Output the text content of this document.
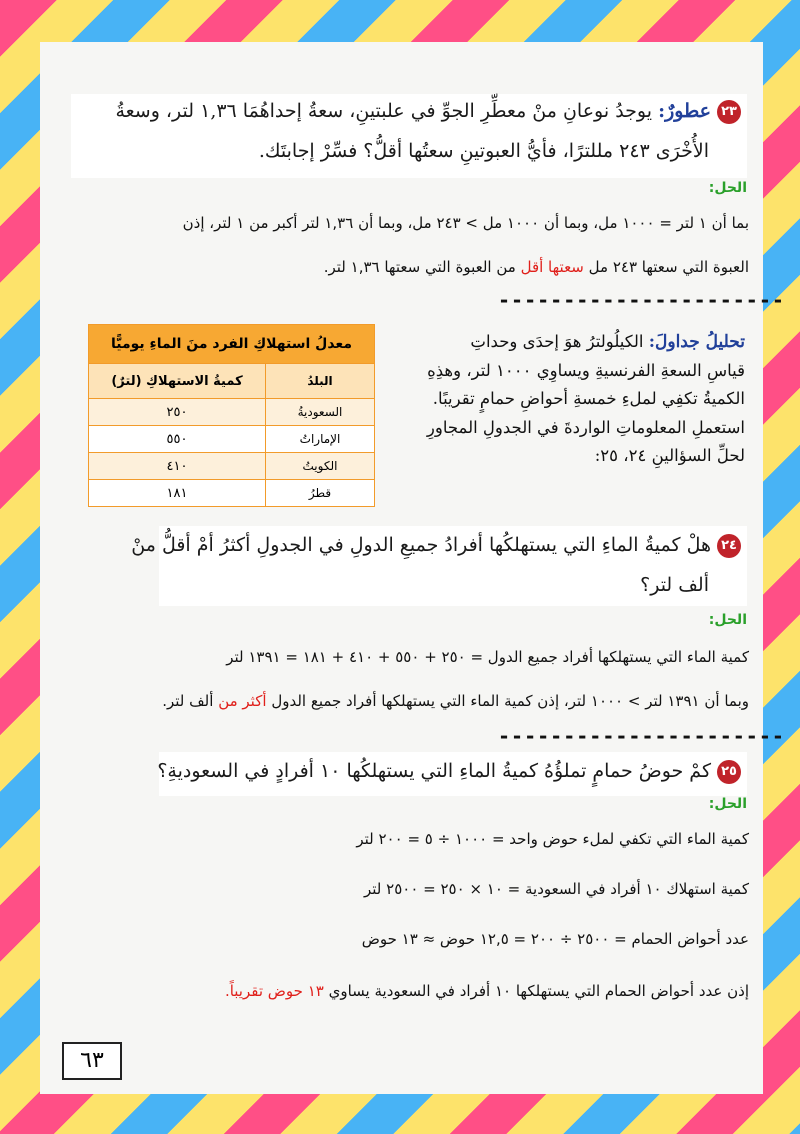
٢٣عطورٌ: يوجدُ نوعانِ منْ معطِّرِ الجوِّ في علبتينِ، سعةُ إحداهُمَا ١,٣٦ لتر، وسعةُ
الأُخْرَى ٢٤٣ مللترًا، فأيُّ العبوتينِ سعتُها أقلُّ؟ فسِّرْ إجابتَك.
الحل:
بما أن ١ لتر = ١٠٠٠ مل، وبما أن ١٠٠٠ مل > ٢٤٣ مل، وبما أن ١,٣٦ لتر أكبر من ١ لتر، إذن
العبوة التي سعتها ٢٤٣ مل سعتها أقل من العبوة التي سعتها ١,٣٦ لتر.
----------------------
معدلُ استهلاكِ الفرد منَ الماءِ يوميًّا	
البلدُ	كميةُ الاستهلاكِ (لترٌ)
السعوديةُ	٢٥٠
الإماراتُ	٥٥٠
الكويتُ	٤١٠
قطرُ	١٨١
تحليلُ جداولَ: الكيلُولترُ هوَ إحدَى وحداتِ
قياسِ السعةِ الفرنسيةِ ويساوِي ١٠٠٠ لتر، وهذِهِ
الكميةُ تكفِي لملءِ خمسةِ أحواضِ حمامٍ تقريبًا.
استعملِ المعلوماتِ الواردةَ في الجدولِ المجاورِ
لحلِّ السؤالينِ ٢٤، ٢٥:
٢٤هلْ كميةُ الماءِ التي يستهلكُها أفرادُ جميعِ الدولِ في الجدولِ أكثرُ أمْ أقلُّ منْ
ألف لتر؟
الحل:
كمية الماء التي يستهلكها أفراد جميع الدول = ٢٥٠ + ٥٥٠ + ٤١٠ + ١٨١ = ١٣٩١ لتر
وبما أن ١٣٩١ لتر > ١٠٠٠ لتر، إذن كمية الماء التي يستهلكها أفراد جميع الدول أكثر من ألف لتر.
----------------------
٢٥كمْ حوضُ حمامٍ تملؤُهُ كميةُ الماءِ التي يستهلكُها ١٠ أفرادٍ في السعوديةِ؟
الحل:
كمية الماء التي تكفي لملء حوض واحد = ١٠٠٠ ÷ ٥ = ٢٠٠ لتر
كمية استهلاك ١٠ أفراد في السعودية = ١٠ × ٢٥٠ = ٢٥٠٠ لتر
عدد أحواض الحمام = ٢٥٠٠ ÷ ٢٠٠ = ١٢,٥ حوض ≈ ١٣ حوض
إذن عدد أحواض الحمام التي يستهلكها ١٠ أفراد في السعودية يساوي ١٣ حوض تقريباً.
٦٣
